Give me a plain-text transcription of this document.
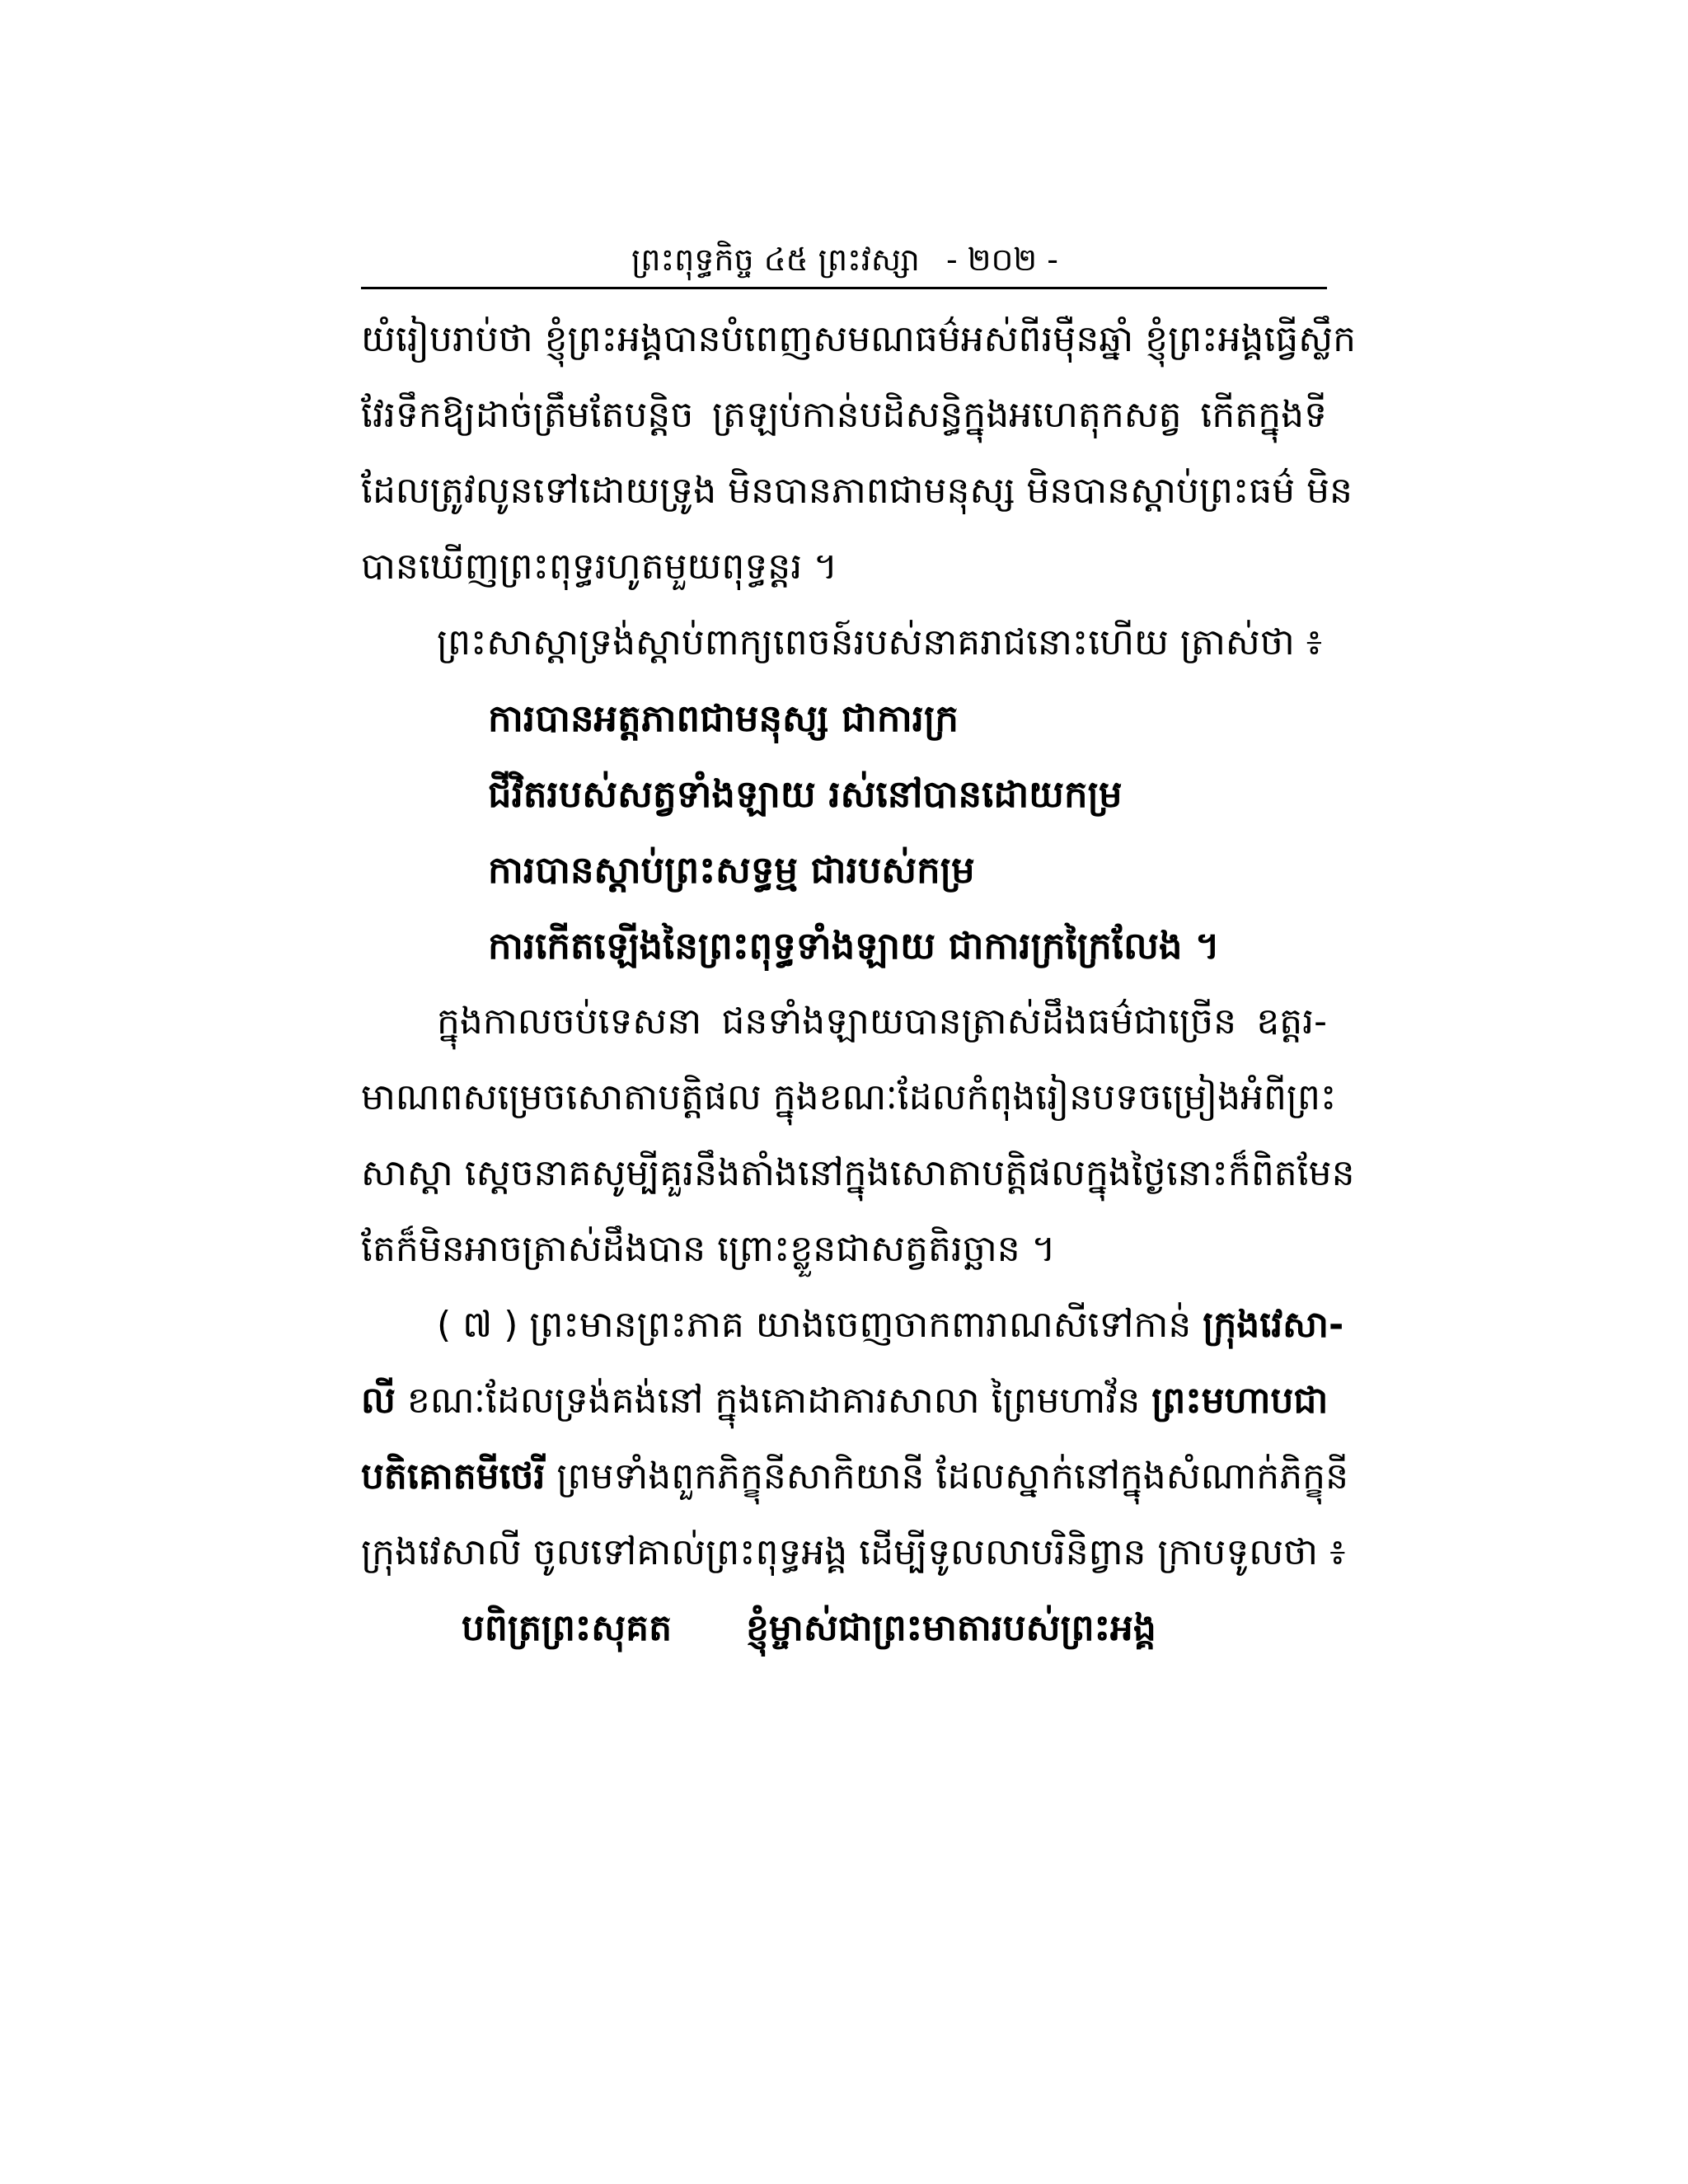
ព្រះពុទ្ធកិច្ច ៤៥ ព្រះវស្សា - ២០២ -
យំរៀបរាប់ថា ខ្ញុំព្រះអង្គបានបំពេញសមណធម៌អស់ពីរម៉ឺនឆ្នាំ ខ្ញុំព្រះអង្គធ្វើស្លឹក
វែរទឹកឱ្យដាច់ត្រឹមតែបន្តិច ត្រឡប់កាន់បដិសន្ធិក្នុងអហេតុកសត្វ កើតក្នុងទី
ដែលត្រូវលូនទៅដោយទ្រូង មិនបានភាពជាមនុស្ស មិនបានស្តាប់ព្រះធម៌ មិន
បានឃើញព្រះពុទ្ធរហូតមួយពុទ្ធន្តរ ។
ព្រះសាស្តាទ្រង់ស្តាប់ពាក្យពេចន៍របស់នាគរាជនោះហើយ ត្រាស់ថា ៖
ការបានអត្តភាពជាមនុស្ស ជាការក្រ
ជីវិតរបស់សត្វទាំងឡាយ រស់នៅបានដោយកម្រ
ការបានស្តាប់ព្រះសទ្ធម្ម ជារបស់កម្រ
ការកើតឡើងនៃព្រះពុទ្ធទាំងឡាយ ជាការក្រក្រៃលែង ។
ក្នុងកាលចប់ទេសនា ជនទាំងឡាយបានត្រាស់ដឹងធម៌ជាច្រើន ឧត្តរ-
មាណពសម្រេចសោតាបត្តិផល ក្នុងខណៈដែលកំពុងរៀនបទចម្រៀងអំពីព្រះ
សាស្តា ស្តេចនាគសូម្បីគួរនឹងតាំងនៅក្នុងសោតាបត្តិផលក្នុងថ្ងៃនោះក៏ពិតមែន
តែក៏មិនអាចត្រាស់ដឹងបាន ព្រោះខ្លួនជាសត្វតិរច្ឆាន ។
( ៧ ) ព្រះមានព្រះភាគ យាងចេញចាកពារាណសីទៅកាន់ ក្រុងវេសា-
លី ខណៈដែលទ្រង់គង់នៅ ក្នុងគោដាគារសាលា ព្រៃមហាវ័ន ព្រះមហាបជា
បតិគោតមីថេរី ព្រមទាំងពួកភិក្ខុនីសាកិយានី ដែលស្នាក់នៅក្នុងសំណាក់ភិក្ខុនី
ក្រុងវេសាលី ចូលទៅគាល់ព្រះពុទ្ធអង្គ ដើម្បីទូលលាបរិនិព្វាន ក្រាបទូលថា ៖
បពិត្រព្រះសុគត	ខ្ញុំម្ចាស់ជាព្រះមាតារបស់ព្រះអង្គ
